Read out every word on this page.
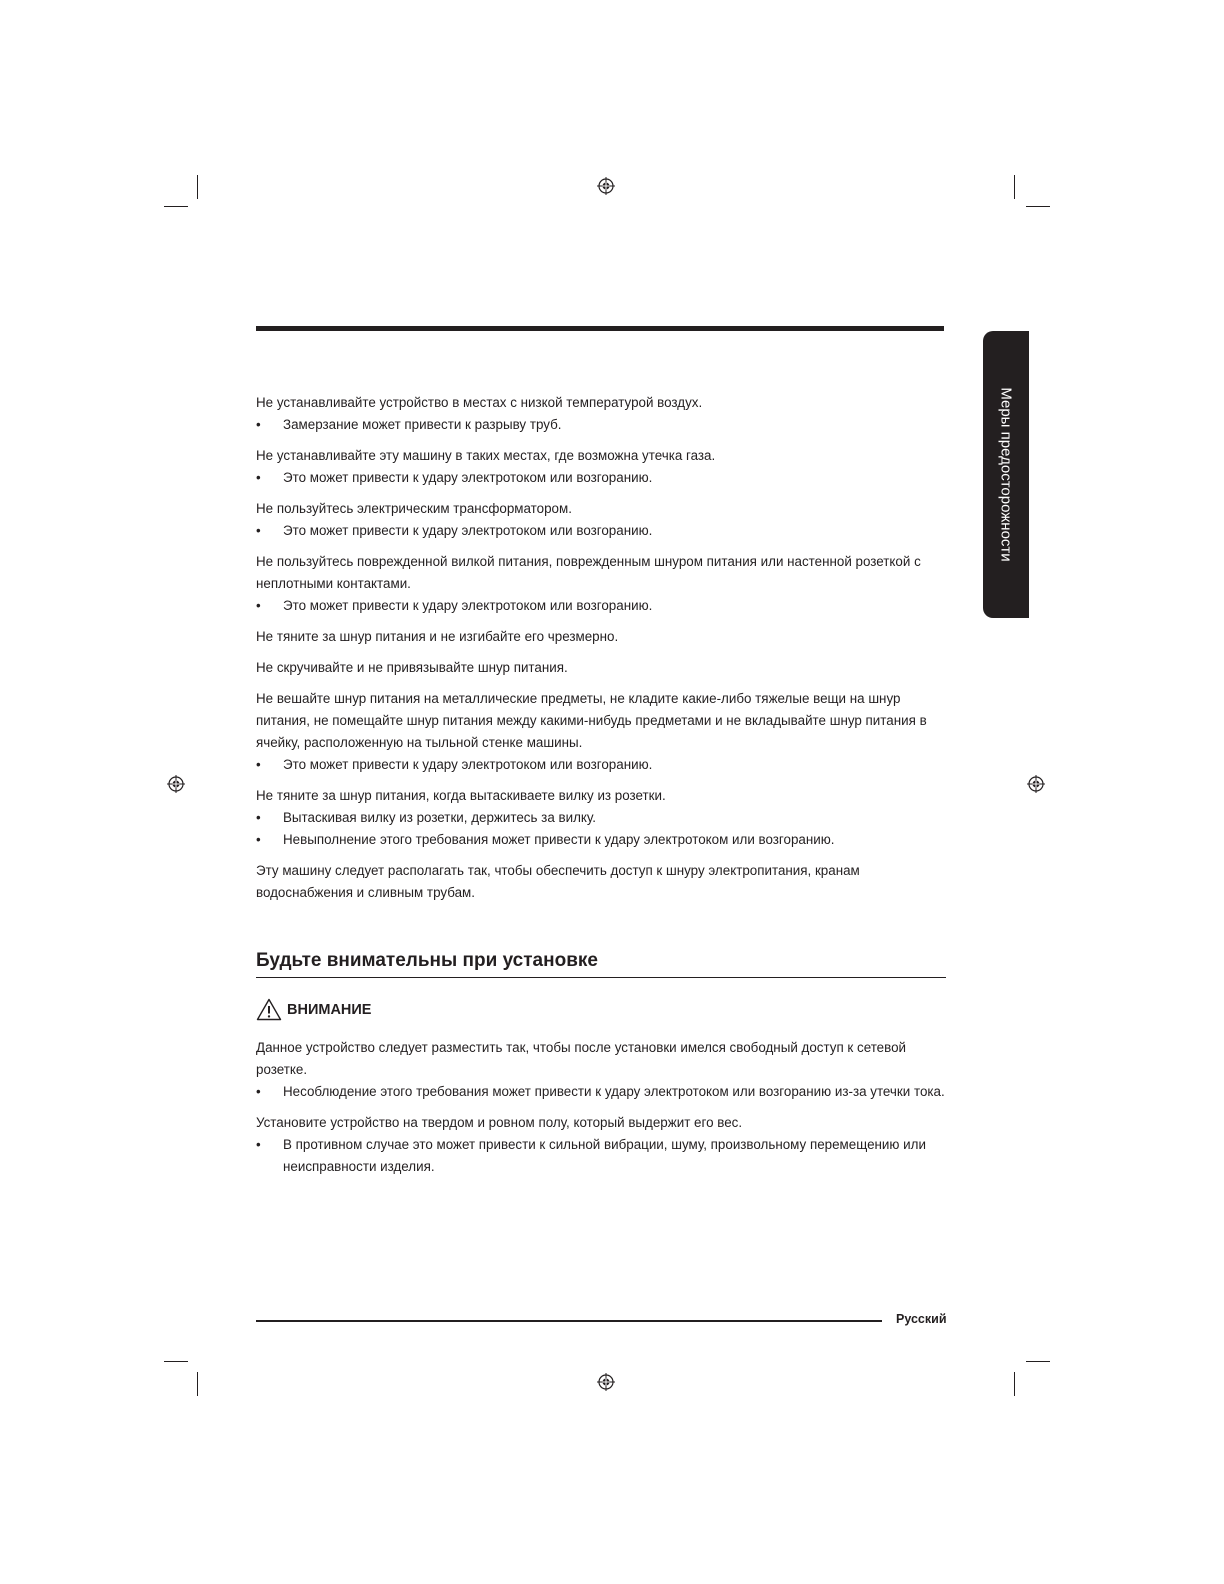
Меры предосторожности

Не устанавливайте устройство в местах с низкой температурой воздух.

• Замерзание может привести к разрыву труб.

Не устанавливайте эту машину в таких местах, где возможна утечка газа.

• Это может привести к удару электротоком или возгоранию.

Не пользуйтесь электрическим трансформатором.

• Это может привести к удару электротоком или возгоранию.

Не пользуйтесь поврежденной вилкой питания, поврежденным шнуром питания или настенной розеткой с неплотными контактами.

• Это может привести к удару электротоком или возгоранию.

Не тяните за шнур питания и не изгибайте его чрезмерно.

Не скручивайте и не привязывайте шнур питания.

Не вешайте шнур питания на металлические предметы, не кладите какие-либо тяжелые вещи на шнур питания, не помещайте шнур питания между какими-нибудь предметами и не вкладывайте шнур питания в ячейку, расположенную на тыльной стенке машины.

• Это может привести к удару электротоком или возгоранию.

Не тяните за шнур питания, когда вытаскиваете вилку из розетки.

• Вытаскивая вилку из розетки, держитесь за вилку.

• Невыполнение этого требования может привести к удару электротоком или возгоранию.

Эту машину следует располагать так, чтобы обеспечить доступ к шнуру электропитания, кранам водоснабжения и сливным трубам.

Будьте внимательны при установке
ВНИМАНИЕ

Данное устройство следует разместить так, чтобы после установки имелся свободный доступ к сетевой розетке.

• Несоблюдение этого требования может привести к удару электротоком или возгоранию из-за утечки тока.

Установите устройство на твердом и ровном полу, который выдержит его вес.

• В противном случае это может привести к сильной вибрации, шуму, произвольному перемещению или неисправности изделия.

Русский
